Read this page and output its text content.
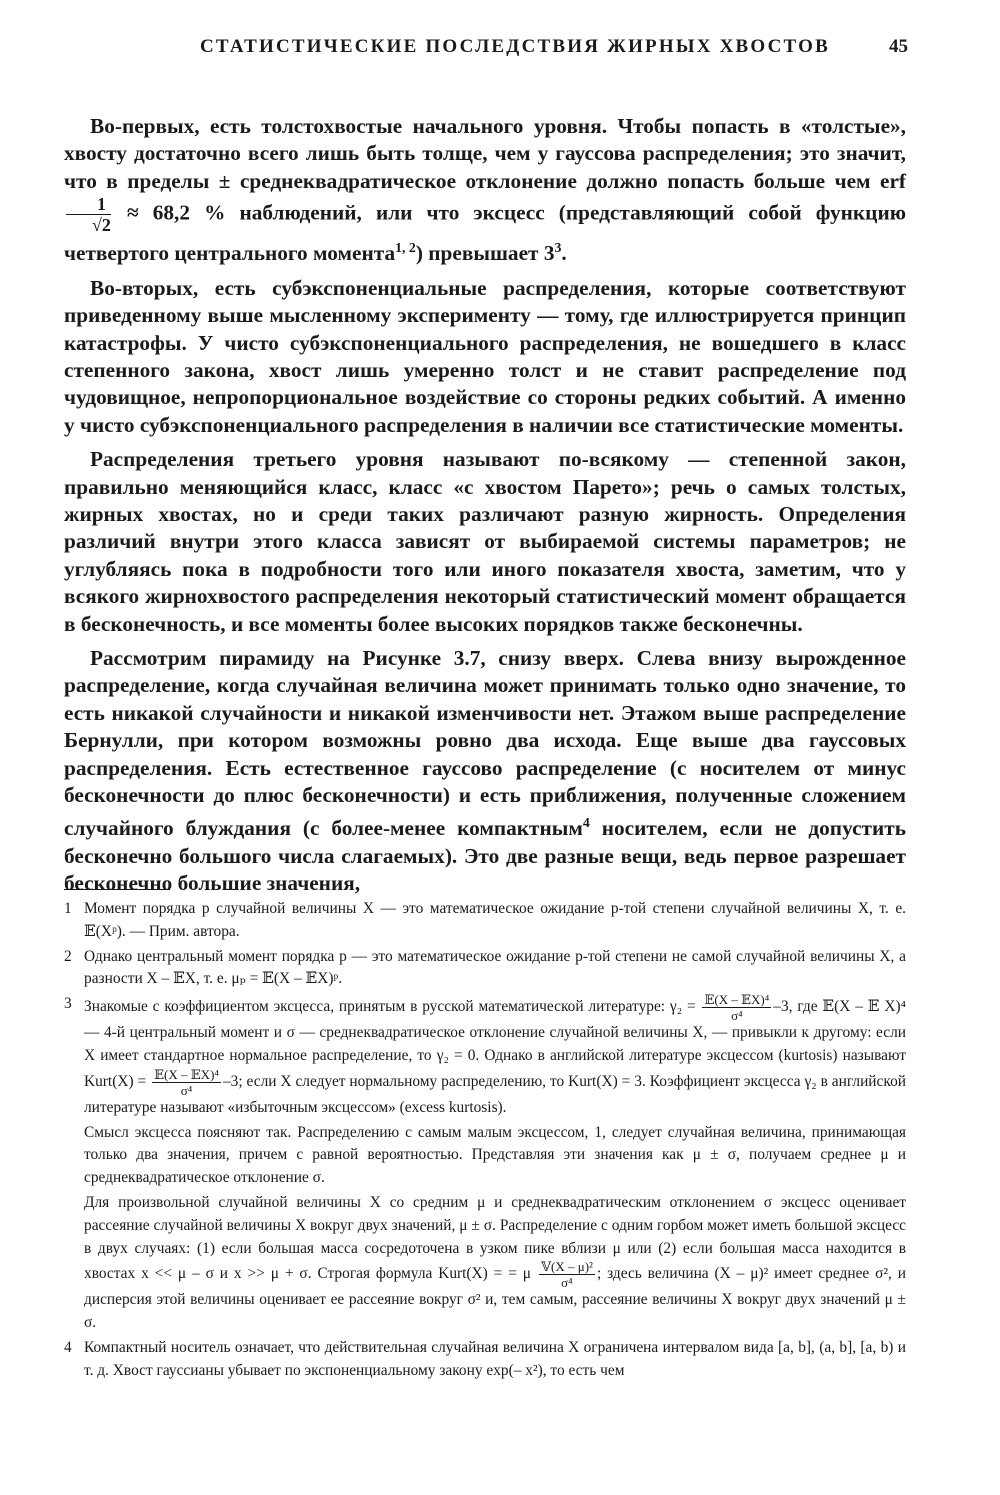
СТАТИСТИЧЕСКИЕ ПОСЛЕДСТВИЯ ЖИРНЫХ ХВОСТОВ	45

Во-первых, есть толстохвостые начального уровня. Чтобы попасть в «толстые», хвосту достаточно всего лишь быть толще, чем у гауссова распределения; это значит, что в пределы ± среднеквадратическое отклонение должно попасть больше чем erf
$\frac{1}{√2} \approx 68,2$ % наблюдений, или что эксцесс (представляющий собой функцию четвертого центрального момента$^{1, 2}$) превышает $3^3$.

Во-вторых, есть субэкспоненциальные распределения, которые соответствуют приведенному выше мысленному эксперименту — тому, где иллюстрируется принцип катастрофы. У чисто субэкспоненциального распределения, не вошедшего в класс степенного закона, хвост лишь умеренно толст и не ставит распределение под чудовищное, непропорциональное воздействие со стороны редких событий. А именно у чисто субэкспоненциального распределения в наличии все статистические моменты.

Распределения третьего уровня называют по-всякому — степенной закон, правильно меняющийся класс, класс «с хвостом Парето»; речь о самых толстых, жирных хвостах, но и среди таких различают разную жирность. Определения различий внутри этого класса зависят от выбираемой системы параметров; не углубляясь пока в подробности того или иного показателя хвоста, заметим, что у всякого жирнохвостого распределения некоторый статистический момент обращается в бесконечность, и все моменты более высоких порядков также бесконечны.

Рассмотрим пирамиду на Рисунке 3.7, снизу вверх. Слева внизу вырожденное распределение, когда случайная величина может принимать только одно значение, то есть никакой случайности и никакой изменчивости нет. Этажом выше распределение Бернулли, при котором возможны ровно два исхода. Еще выше два гауссовых распределения. Есть естественное гауссово распределение (с носителем от минус бесконечности до плюс бесконечности) и есть приближения, полученные сложением случайного блуждания (с более-менее компактным$^4$ носителем, если не допустить бесконечно большого числа слагаемых). Это две разные вещи, ведь первое разрешает бесконечно большие значения,

1 Момент порядка p случайной величины X — это математическое ожидание p-той степени случайной величины X, т. е. 𝔼(Xᵖ). — Прим. автора.
2 Однако центральный момент порядка p — это математическое ожидание p-той степени не самой случайной величины X, а разности X – 𝔼X, т. е. μₚ = 𝔼(X – 𝔼X)ᵖ.
3 Знакомые с коэффициентом эксцесса, принятым в русской математической литературе: $\gamma_2 = \frac{\text{𝔼(X – 𝔼X)⁴}}{\text{σ⁴}} -3$, где 𝔼(X – 𝔼 X)⁴ — 4-й центральный момент и σ — среднеквадратическое отклонение случайной величины X, — привыкли к другому: если X имеет стандартное нормальное распределение, то γ₂ = 0. Однако в английской литературе эксцессом (kurtosis) называют Kurt(X) = $\frac{\text{𝔼(X – 𝔼X)⁴}}{\text{σ⁴}} -3$; если X следует нормальному распределению, то Kurt(X) = 3. Коэффициент эксцесса γ₂ в английской литературе называют «избыточным эксцессом» (excess kurtosis).
Смысл эксцесса поясняют так. Распределению с самым малым эксцессом, 1, следует случайная величина, принимающая только два значения, причем с равной вероятностью. Представляя эти значения как μ ± σ, получаем среднее μ и среднеквадратическое отклонение σ.
Для произвольной случайной величины X со средним μ и среднеквадратическим отклонением σ эксцесс оценивает рассеяние случайной величины X вокруг двух значений, μ ± σ. Распределение с одним горбом может иметь большой эксцесс в двух случаях: (1) если большая масса сосредоточена в узком пике вблизи μ или (2) если большая масса находится в хвостах x << μ – σ и x >> μ + σ. Строгая формула Kurt(X) = = μ $\frac{\text{𝕍(X – μ)²}}{\text{σ⁴}}$ ; здесь величина (X – μ)² имеет среднее σ², и дисперсия этой величины оценивает ее рассеяние вокруг σ² и, тем самым, рассеяние величины X вокруг двух значений μ ± σ.
4 Компактный носитель означает, что действительная случайная величина X ограничена интервалом вида [a, b], (a, b], [a, b) и т. д. Хвост гауссианы убывает по экспоненциальному закону exp(– x²), то есть чем
